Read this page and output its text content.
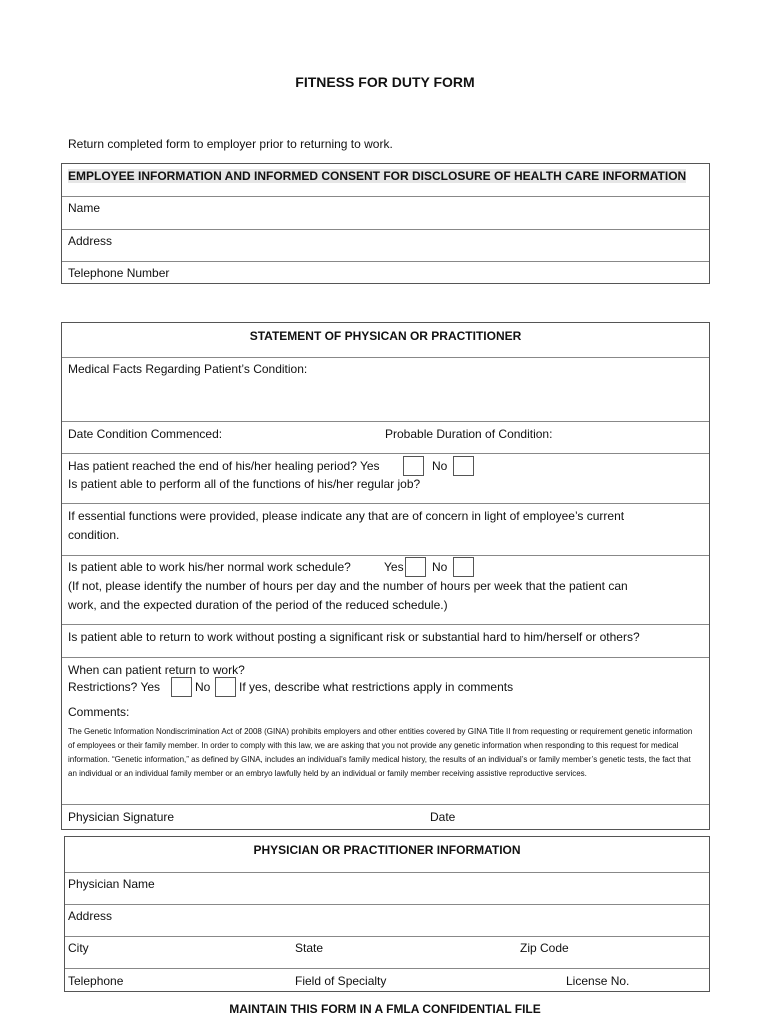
FITNESS FOR DUTY FORM
Return completed form to employer prior to returning to work.
EMPLOYEE INFORMATION AND INFORMED CONSENT FOR DISCLOSURE OF HEALTH CARE INFORMATION
Name
Address
Telephone Number
STATEMENT OF PHYSICAN OR PRACTITIONER
Medical Facts Regarding Patient’s Condition:
Date Condition Commenced:	Probable Duration of Condition:
Has patient reached the end of his/her healing period? Yes	No
Is patient able to perform all of the functions of his/her regular job?
If essential functions were provided, please indicate any that are of concern in light of employee’s current
condition.
Is patient able to work his/her normal work schedule?	Yes No
(If not, please identify the number of hours per day and the number of hours per week that the patient can
work, and the expected duration of the period of the reduced schedule.)
Is patient able to return to work without posting a significant risk or substantial hard to him/herself or others?
When can patient return to work?
Restrictions? Yes	No If yes, describe what restrictions apply in comments
Comments:
The Genetic Information Nondiscrimination Act of 2008 (GINA) prohibits employers and other entities covered by GINA Title II from requesting or requirement genetic information of employees or their family member. In order to comply with this law, we are asking that you not provide any genetic information when responding to this request for medical information. “Genetic information,” as defined by GINA, includes an individual’s family medical history, the results of an individual’s or family member’s genetic tests, the fact that an individual or an individual family member or an embryo lawfully held by an individual or family member receiving assistive reproductive services.
Physician Signature	Date
PHYSICIAN OR PRACTITIONER INFORMATION
Physician Name
Address
City	State	Zip Code
Telephone	Field of Specialty	License No.
MAINTAIN THIS FORM IN A FMLA CONFIDENTIAL FILE
